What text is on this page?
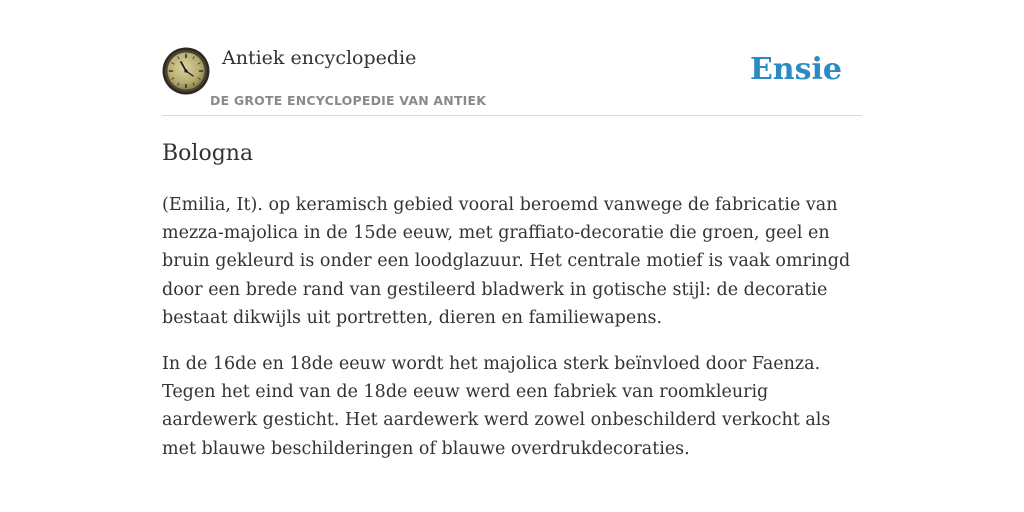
Antiek encyclopedie
DE GROTE ENCYCLOPEDIE VAN ANTIEK
Ensie
Bologna

(Emilia, It). op keramisch gebied vooral beroemd vanwege de fabricatie van mezza-majolica in de 15de eeuw, met graffiato-decoratie die groen, geel en bruin gekleurd is onder een loodglazuur. Het centrale motief is vaak omringd door een brede rand van gestileerd bladwerk in gotische stijl: de decoratie bestaat dikwijls uit portretten, dieren en familiewapens.

In de 16de en 18de eeuw wordt het majolica sterk beïnvloed door Faenza. Tegen het eind van de 18de eeuw werd een fabriek van roomkleurig aardewerk gesticht. Het aardewerk werd zowel onbeschilderd verkocht als met blauwe beschilderingen of blauwe overdrukdecoraties.
